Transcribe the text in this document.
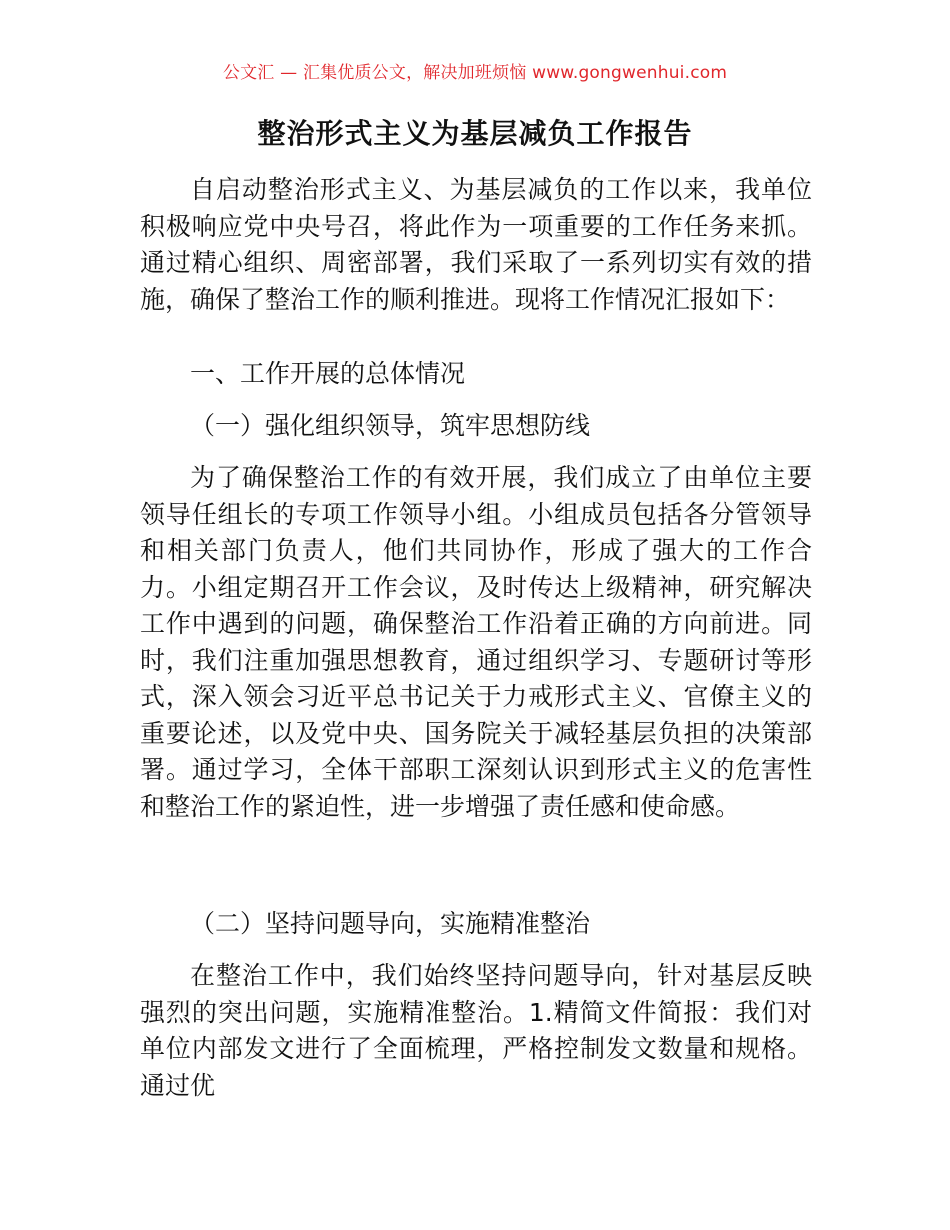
公文汇 — 汇集优质公文，解决加班烦恼 www.gongwenhui.com
整治形式主义为基层减负工作报告

自启动整治形式主义、为基层减负的工作以来，我单位积极响应党中央号召，将此作为一项重要的工作任务来抓。通过精心组织、周密部署，我们采取了一系列切实有效的措施，确保了整治工作的顺利推进。现将工作情况汇报如下：

一、工作开展的总体情况

（一）强化组织领导，筑牢思想防线

为了确保整治工作的有效开展，我们成立了由单位主要领导任组长的专项工作领导小组。小组成员包括各分管领导和相关部门负责人，他们共同协作，形成了强大的工作合力。小组定期召开工作会议，及时传达上级精神，研究解决工作中遇到的问题，确保整治工作沿着正确的方向前进。同时，我们注重加强思想教育，通过组织学习、专题研讨等形式，深入领会习近平总书记关于力戒形式主义、官僚主义的重要论述，以及党中央、国务院关于减轻基层负担的决策部署。通过学习，全体干部职工深刻认识到形式主义的危害性和整治工作的紧迫性，进一步增强了责任感和使命感。

（二）坚持问题导向，实施精准整治

在整治工作中，我们始终坚持问题导向，针对基层反映强烈的突出问题，实施精准整治。1.精简文件简报：我们对单位内部发文进行了全面梳理，严格控制发文数量和规格。通过优
